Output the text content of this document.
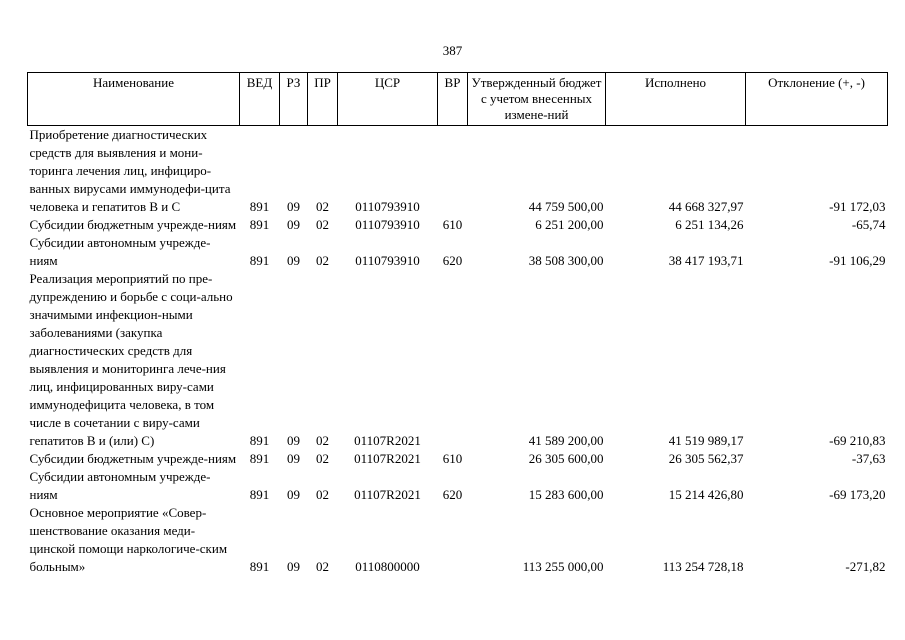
387
Наименование	ВЕД	РЗ	ПР	ЦСР	ВР	Утвержденный бюджет с учетом внесенных измене-ний	Исполнено	Отклонение (+, -)
Приобретение диагностических средств для выявления и мони-торинга лечения лиц, инфициро-ванных вирусами иммунодефи-цита человека и гепатитов В и С	891	09	02	0110793910		44 759 500,00	44 668 327,97	-91 172,03
Субсидии бюджетным учрежде-ниям	891	09	02	0110793910	610	6 251 200,00	6 251 134,26	-65,74
Субсидии автономным учрежде-ниям	891	09	02	0110793910	620	38 508 300,00	38 417 193,71	-91 106,29
Реализация мероприятий по пре-дупреждению и борьбе с соци-ально значимыми инфекцион-ными заболеваниями (закупка диагностических средств для выявления и мониторинга лече-ния лиц, инфицированных виру-сами иммунодефицита человека, в том числе в сочетании с виру-сами гепатитов В и (или) С)	891	09	02	01107R2021		41 589 200,00	41 519 989,17	-69 210,83
Субсидии бюджетным учрежде-ниям	891	09	02	01107R2021	610	26 305 600,00	26 305 562,37	-37,63
Субсидии автономным учрежде-ниям	891	09	02	01107R2021	620	15 283 600,00	15 214 426,80	-69 173,20
Основное мероприятие «Совер-шенствование оказания меди-цинской помощи наркологиче-ским больным»	891	09	02	0110800000		113 255 000,00	113 254 728,18	-271,82
